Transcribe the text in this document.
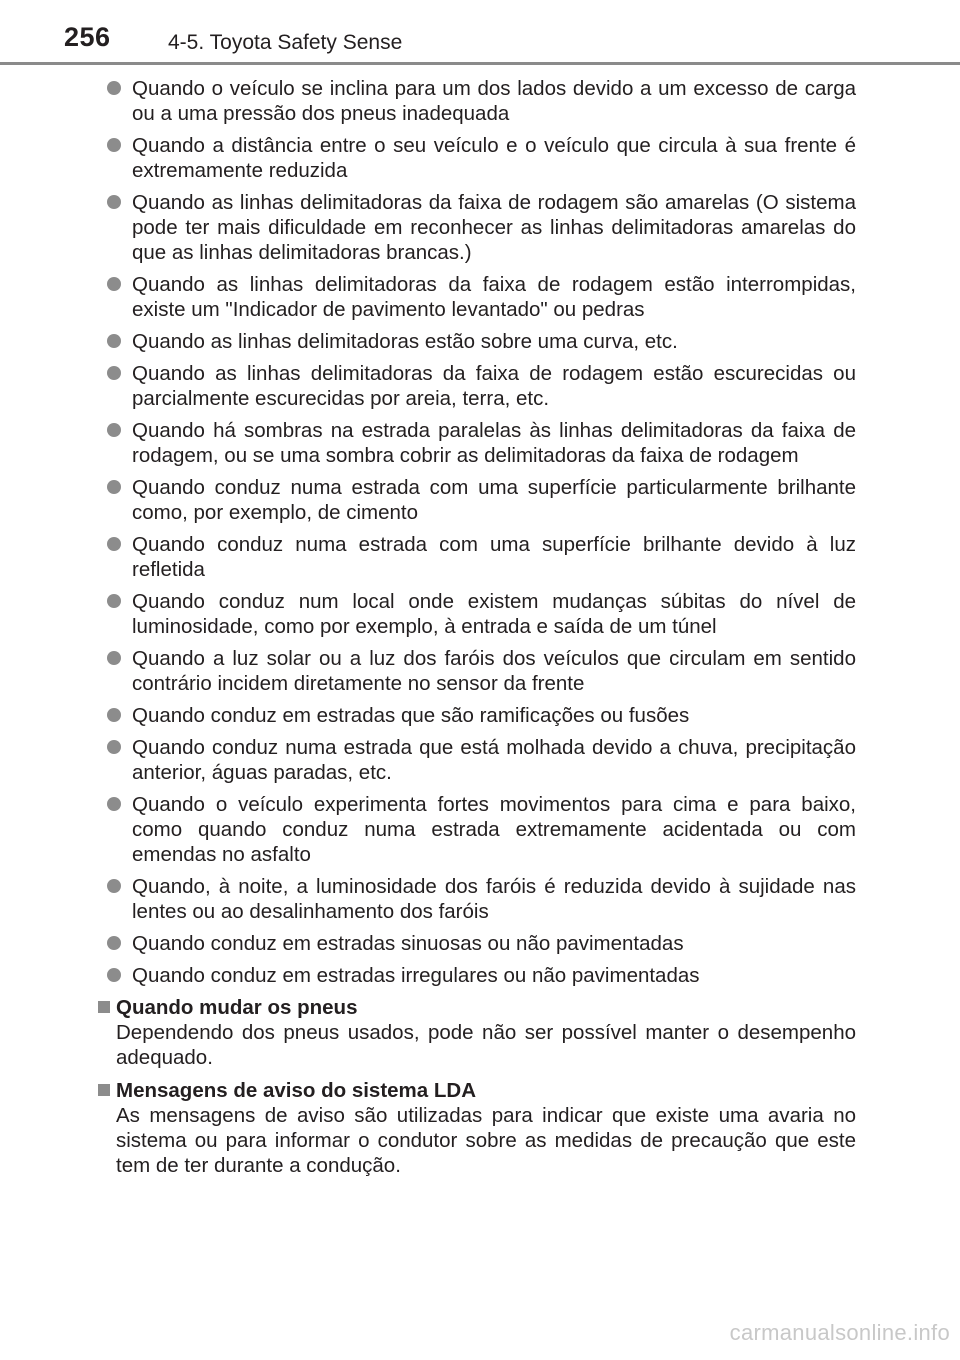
256	4-5. Toyota Safety Sense
Quando o veículo se inclina para um dos lados devido a um excesso de carga ou a uma pressão dos pneus inadequada
Quando a distância entre o seu veículo e o veículo que circula à sua frente é extremamente reduzida
Quando as linhas delimitadoras da faixa de rodagem são amarelas (O sistema pode ter mais dificuldade em reconhecer as linhas delimitadoras amarelas do que as linhas delimitadoras brancas.)
Quando as linhas delimitadoras da faixa de rodagem estão interrompidas, existe um "Indicador de pavimento levantado" ou pedras
Quando as linhas delimitadoras estão sobre uma curva, etc.
Quando as linhas delimitadoras da faixa de rodagem estão escurecidas ou parcialmente escurecidas por areia, terra, etc.
Quando há sombras na estrada paralelas às linhas delimitadoras da faixa de rodagem, ou se uma sombra cobrir as delimitadoras da faixa de rodagem
Quando conduz numa estrada com uma superfície particularmente brilhante como, por exemplo, de cimento
Quando conduz numa estrada com uma superfície brilhante devido à luz refletida
Quando conduz num local onde existem mudanças súbitas do nível de luminosidade, como por exemplo, à entrada e saída de um túnel
Quando a luz solar ou a luz dos faróis dos veículos que circulam em sentido contrário incidem diretamente no sensor da frente
Quando conduz em estradas que são ramificações ou fusões
Quando conduz numa estrada que está molhada devido a chuva, precipitação anterior, águas paradas, etc.
Quando o veículo experimenta fortes movimentos para cima e para baixo, como quando conduz numa estrada extremamente acidentada ou com emendas no asfalto
Quando, à noite, a luminosidade dos faróis é reduzida devido à sujidade nas lentes ou ao desalinhamento dos faróis
Quando conduz em estradas sinuosas ou não pavimentadas
Quando conduz em estradas irregulares ou não pavimentadas
Quando mudar os pneus
Dependendo dos pneus usados, pode não ser possível manter o desempenho adequado.
Mensagens de aviso do sistema LDA
As mensagens de aviso são utilizadas para indicar que existe uma avaria no sistema ou para informar o condutor sobre as medidas de precaução que este tem de ter durante a condução.
carmanualsonline.info
